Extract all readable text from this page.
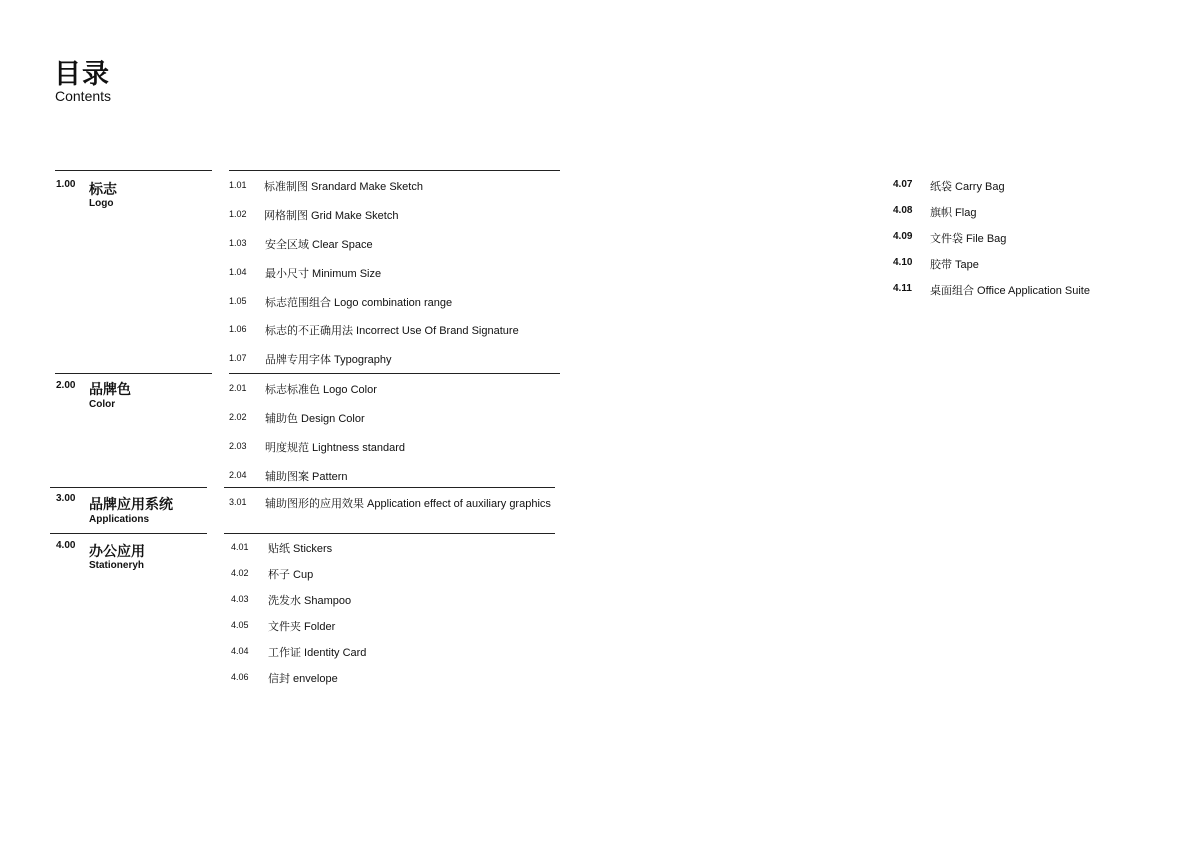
目录
Contents
1.00 标志
Logo
2.00 品牌色
Color
3.00 品牌应用系统
Applications
4.00 办公应用
Stationeryh
1.01 标准制图 Srandard Make Sketch
1.02 网格制图 Grid Make Sketch
1.03 安全区域 Clear Space
1.04 最小尺寸 Minimum Size
1.05 标志范围组合 Logo combination range
1.06 标志的不正确用法 Incorrect Use Of Brand Signature
1.07 品牌专用字体 Typography
2.01 标志标准色 Logo Color
2.02 辅助色 Design Color
2.03 明度规范 Lightness standard
2.04 辅助图案 Pattern
3.01 辅助图形的应用效果 Application effect of auxiliary graphics
4.01 贴纸 Stickers
4.02 杯子 Cup
4.03 洗发水 Shampoo
4.05 文件夹 Folder
4.04 工作证 Identity Card
4.06 信封 envelope
4.07 纸袋 Carry Bag
4.08 旗帜 Flag
4.09 文件袋 File Bag
4.10 胶带 Tape
4.11 桌面组合 Office Application Suite
